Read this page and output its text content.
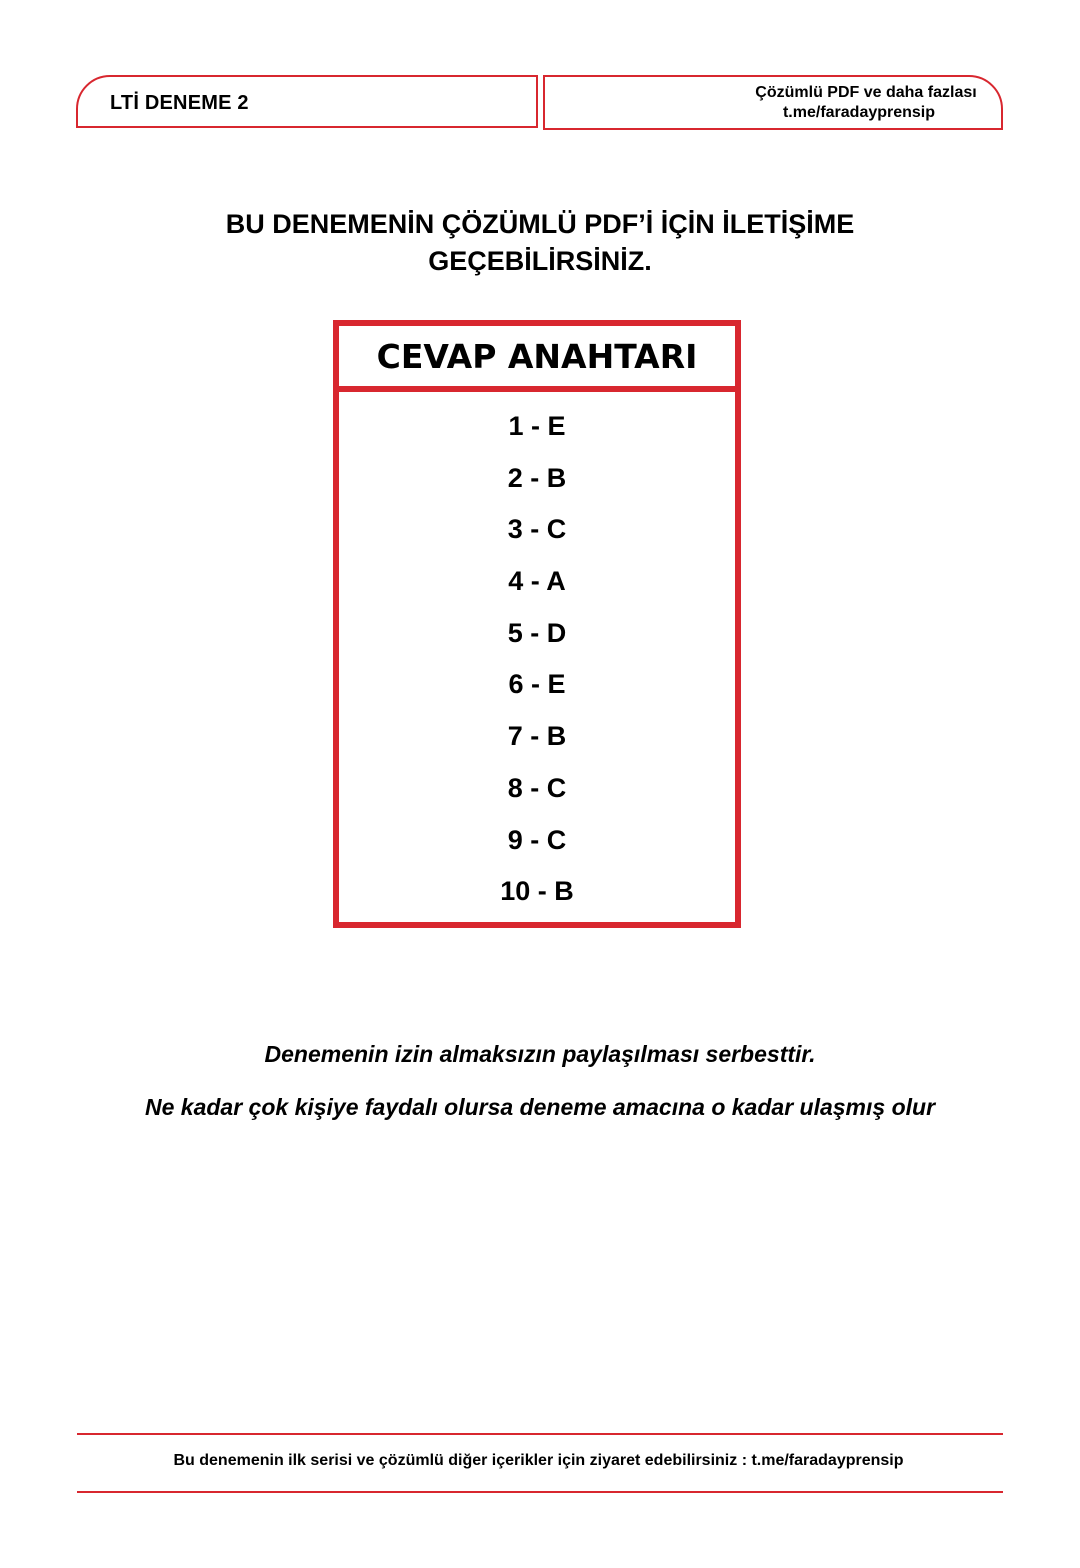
LTİ DENEME 2	Çözümlü PDF ve daha fazlası
t.me/faradayprensip
BU DENEMENİN ÇÖZÜMLÜ PDF’İ İÇİN İLETİŞİME
GEÇEBİLİRSİNİZ.
CEVAP ANAHTARI
1 - E
2 - B
3 - C
4 - A
5 - D
6 - E
7 - B
8 - C
9 - C
10 - B
Denemenin izin almaksızın paylaşılması serbesttir.
Ne kadar çok kişiye faydalı olursa deneme amacına o kadar ulaşmış olur
Bu denemenin ilk serisi ve çözümlü diğer içerikler için ziyaret edebilirsiniz : t.me/faradayprensip
